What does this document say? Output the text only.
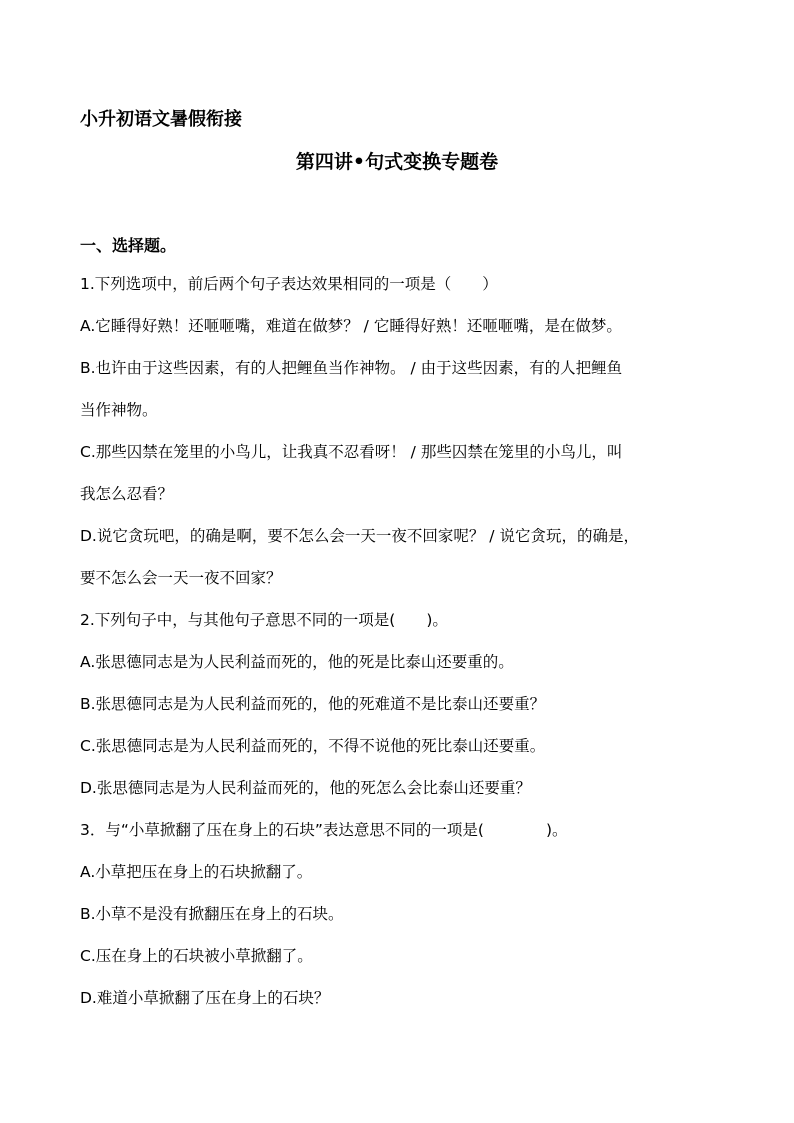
小升初语文暑假衔接
第四讲•句式变换专题卷
一、选择题。
1.下列选项中，前后两个句子表达效果相同的一项是（　　）
A.它睡得好熟！还咂咂嘴，难道在做梦？ / 它睡得好熟！还咂咂嘴，是在做梦。
B.也许由于这些因素，有的人把鲤鱼当作神物。 / 由于这些因素，有的人把鲤鱼
当作神物。
C.那些囚禁在笼里的小鸟儿，让我真不忍看呀！ / 那些囚禁在笼里的小鸟儿，叫
我怎么忍看？
D.说它贪玩吧，的确是啊，要不怎么会一天一夜不回家呢？ / 说它贪玩，的确是，
要不怎么会一天一夜不回家？
2.下列句子中，与其他句子意思不同的一项是(　　)。
A.张思德同志是为人民利益而死的，他的死是比泰山还要重的。
B.张思德同志是为人民利益而死的，他的死难道不是比泰山还要重？
C.张思德同志是为人民利益而死的，不得不说他的死比泰山还要重。
D.张思德同志是为人民利益而死的，他的死怎么会比泰山还要重？
3．与“小草掀翻了压在身上的石块”表达意思不同的一项是(　　　　)。
A.小草把压在身上的石块掀翻了。
B.小草不是没有掀翻压在身上的石块。
C.压在身上的石块被小草掀翻了。
D.难道小草掀翻了压在身上的石块？
